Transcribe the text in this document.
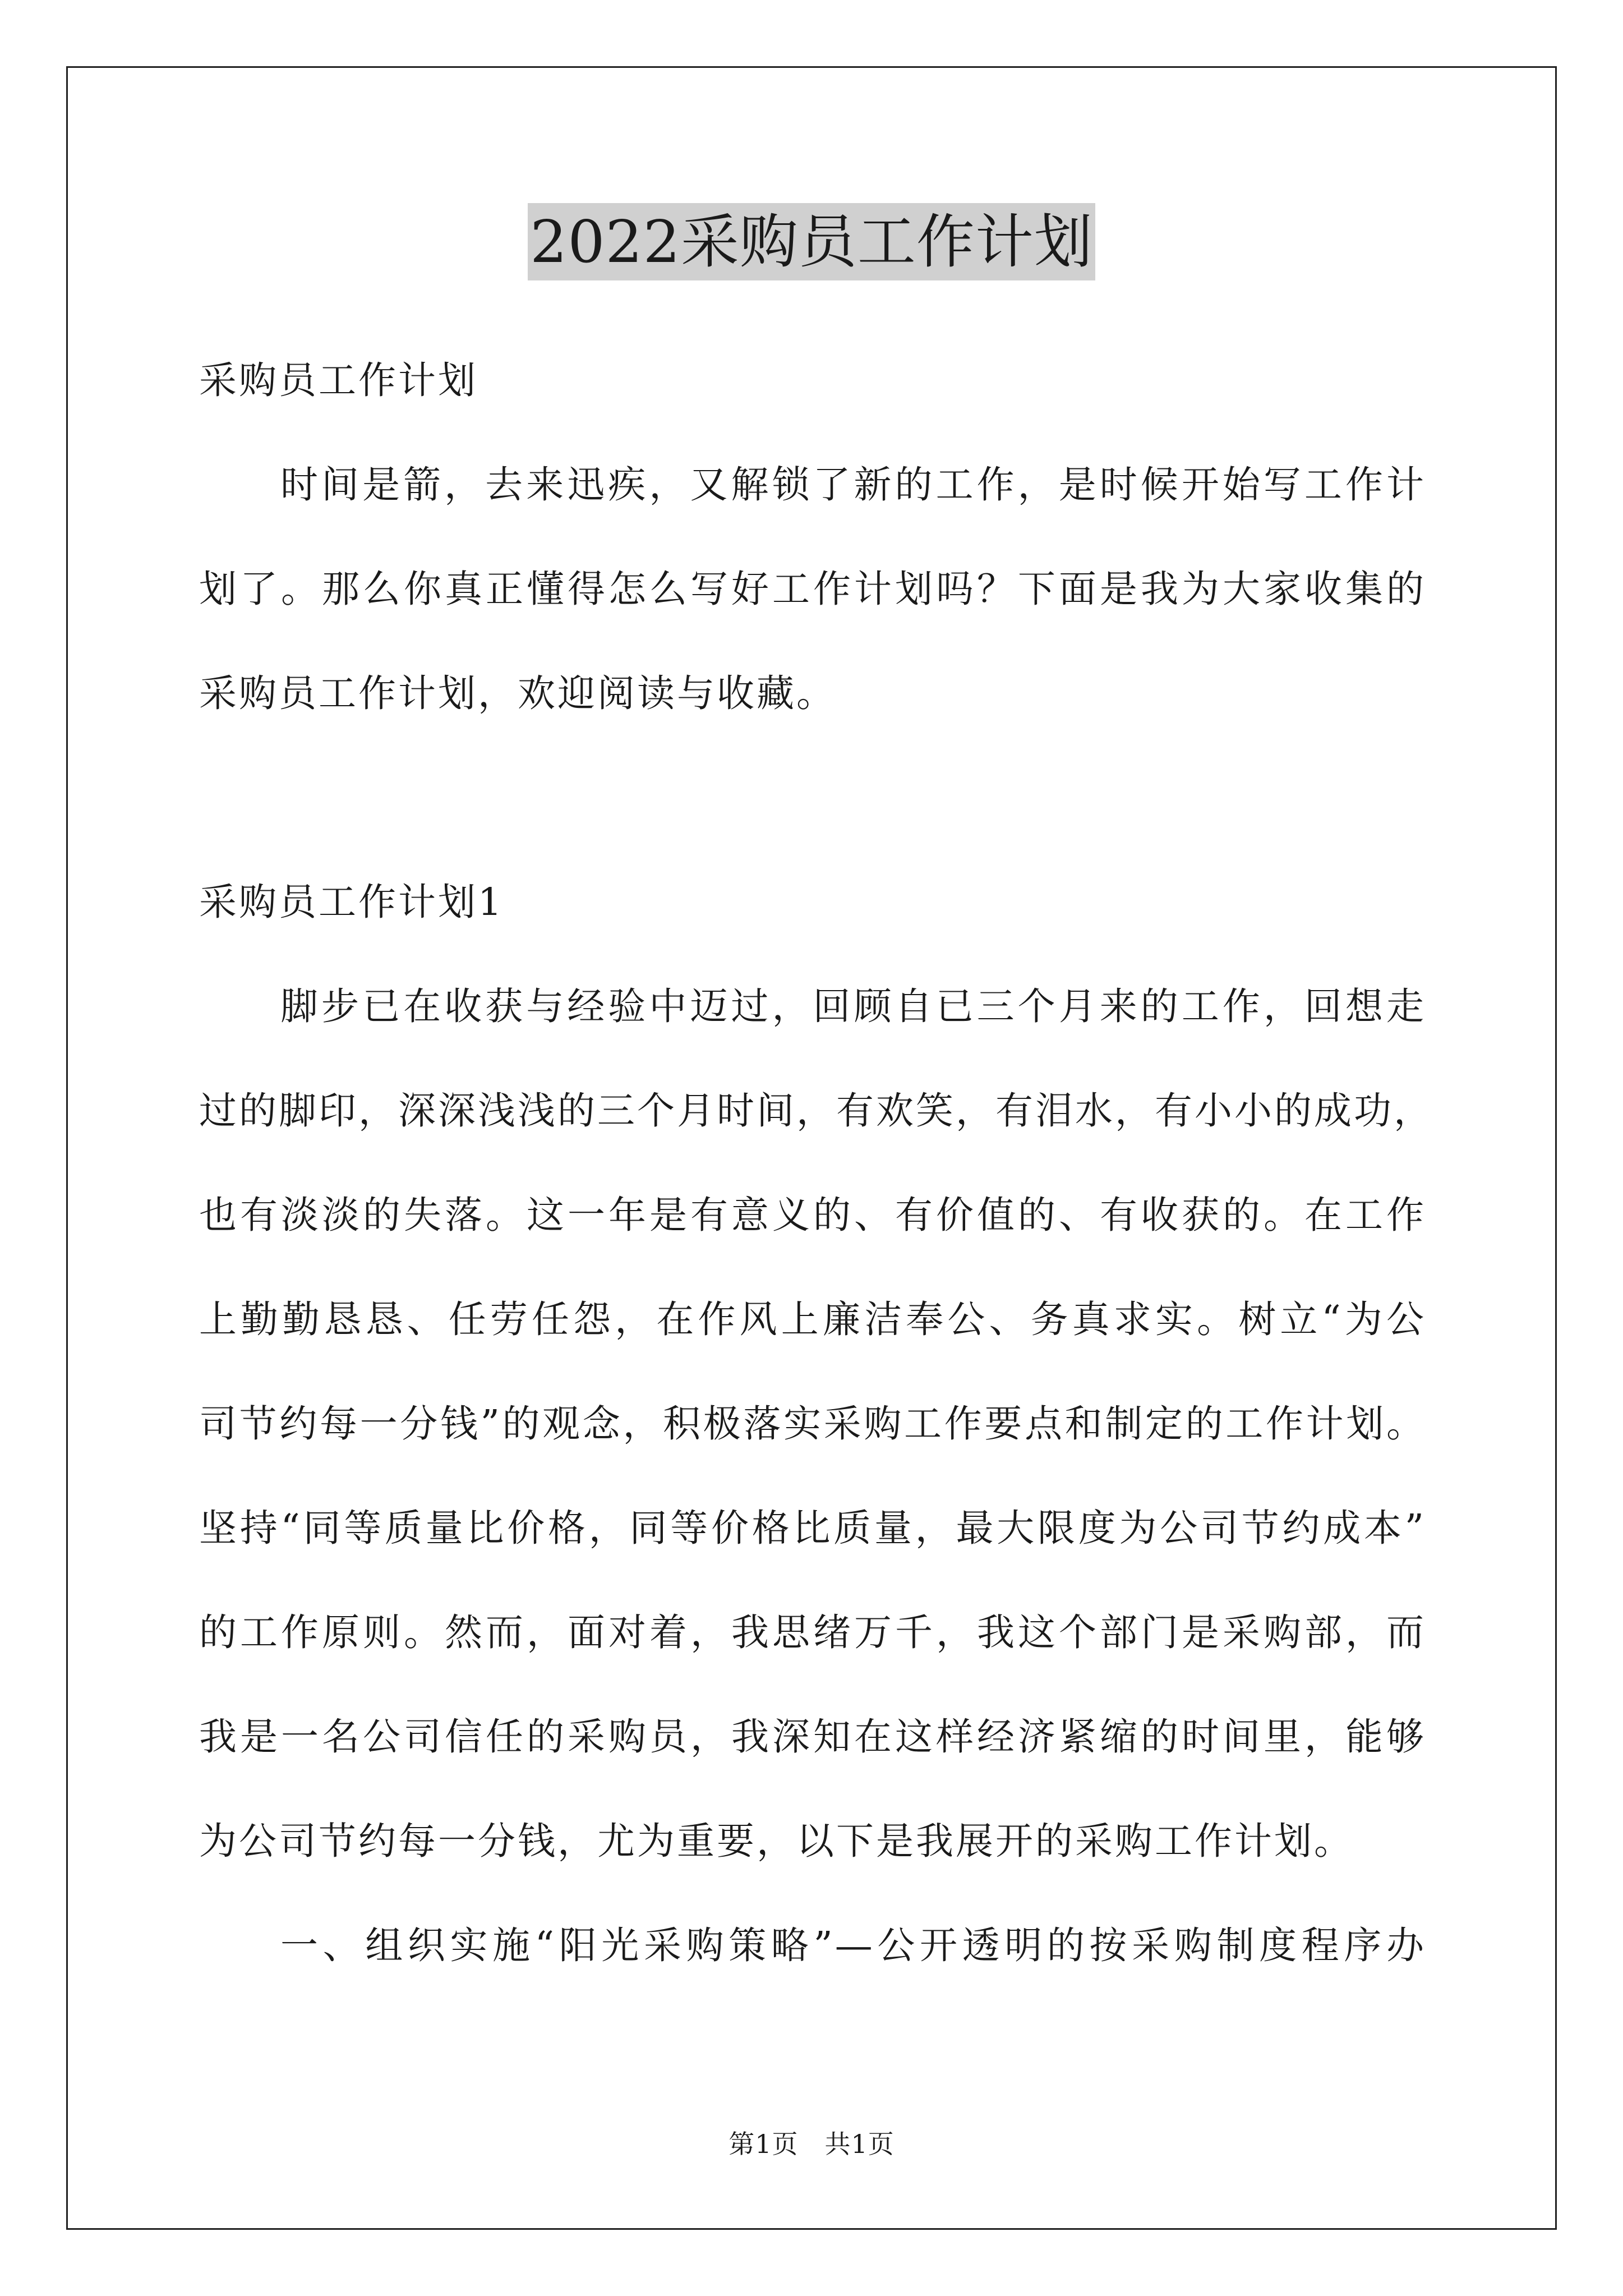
2022采购员工作计划
采购员工作计划
时间是箭，去来迅疾，又解锁了新的工作，是时候开始写工作计
划了。那么你真正懂得怎么写好工作计划吗？下面是我为大家收集的
采购员工作计划，欢迎阅读与收藏。
采购员工作计划1
脚步已在收获与经验中迈过，回顾自已三个月来的工作，回想走
过的脚印，深深浅浅的三个月时间，有欢笑，有泪水，有小小的成功，
也有淡淡的失落。这一年是有意义的、有价值的、有收获的。在工作
上勤勤恳恳、任劳任怨，在作风上廉洁奉公、务真求实。树立“为公
司节约每一分钱”的观念，积极落实采购工作要点和制定的工作计划。
坚持“同等质量比价格，同等价格比质量，最大限度为公司节约成本”
的工作原则。然而，面对着，我思绪万千，我这个部门是采购部，而
我是一名公司信任的采购员，我深知在这样经济紧缩的时间里，能够
为公司节约每一分钱，尤为重要，以下是我展开的采购工作计划。
一、组织实施“阳光采购策略”—公开透明的按采购制度程序办
第1页　共1页
